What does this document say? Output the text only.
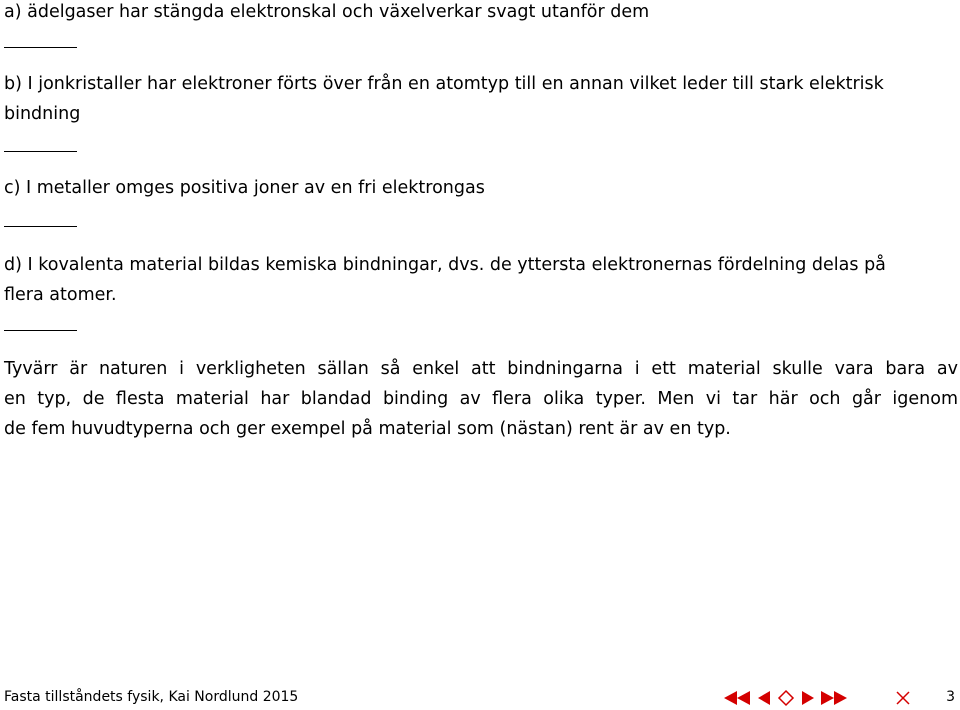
a) ädelgaser har stängda elektronskal och växelverkar svagt utanför dem
b) I jonkristaller har elektroner förts över från en atomtyp till en annan vilket leder till stark elektrisk
bindning
c) I metaller omges positiva joner av en fri elektrongas
d) I kovalenta material bildas kemiska bindningar, dvs. de yttersta elektronernas fördelning delas på
flera atomer.
Tyvärr är naturen i verkligheten sällan så enkel att bindningarna i ett material skulle vara bara av
en typ, de flesta material har blandad binding av flera olika typer. Men vi tar här och går igenom
de fem huvudtyperna och ger exempel på material som (nästan) rent är av en typ.
Fasta tillståndets fysik, Kai Nordlund 2015	3
